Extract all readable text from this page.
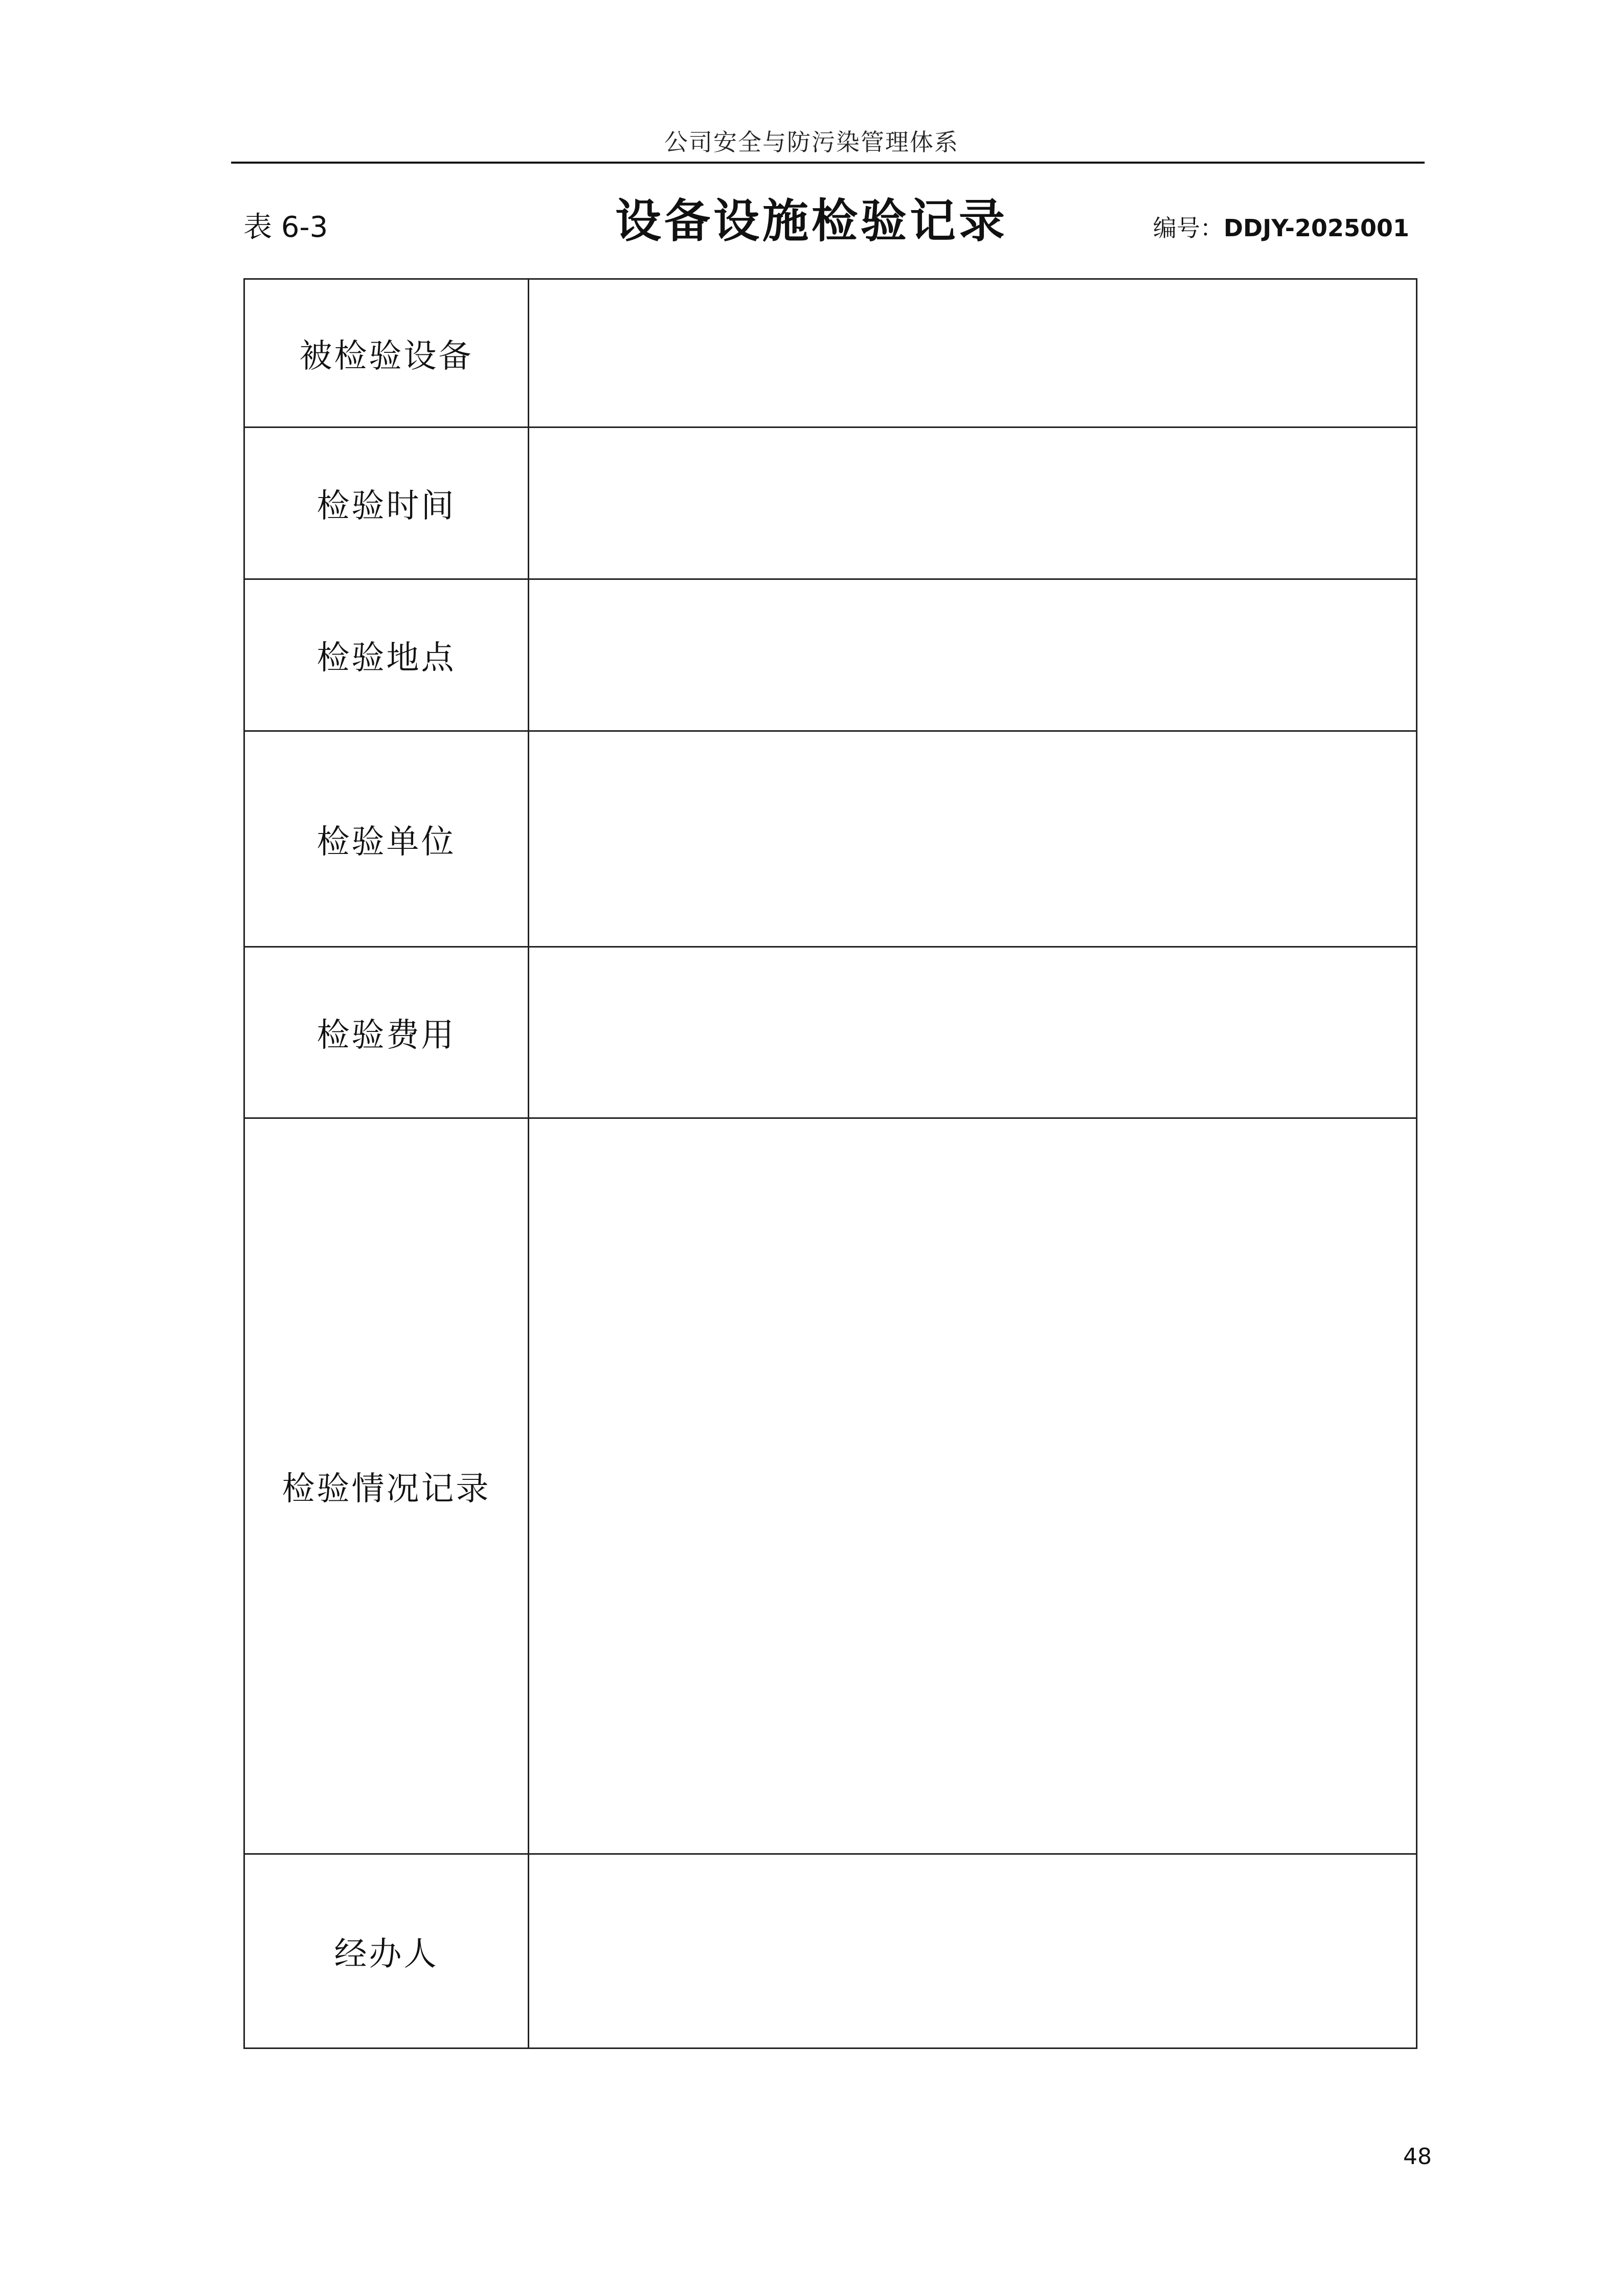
公司安全与防污染管理体系
表 6-3	设备设施检验记录	编号：DDJY-2025001
被检验设备	
检验时间	
检验地点	
检验单位	
检验费用	
检验情况记录	
经办人	
48
